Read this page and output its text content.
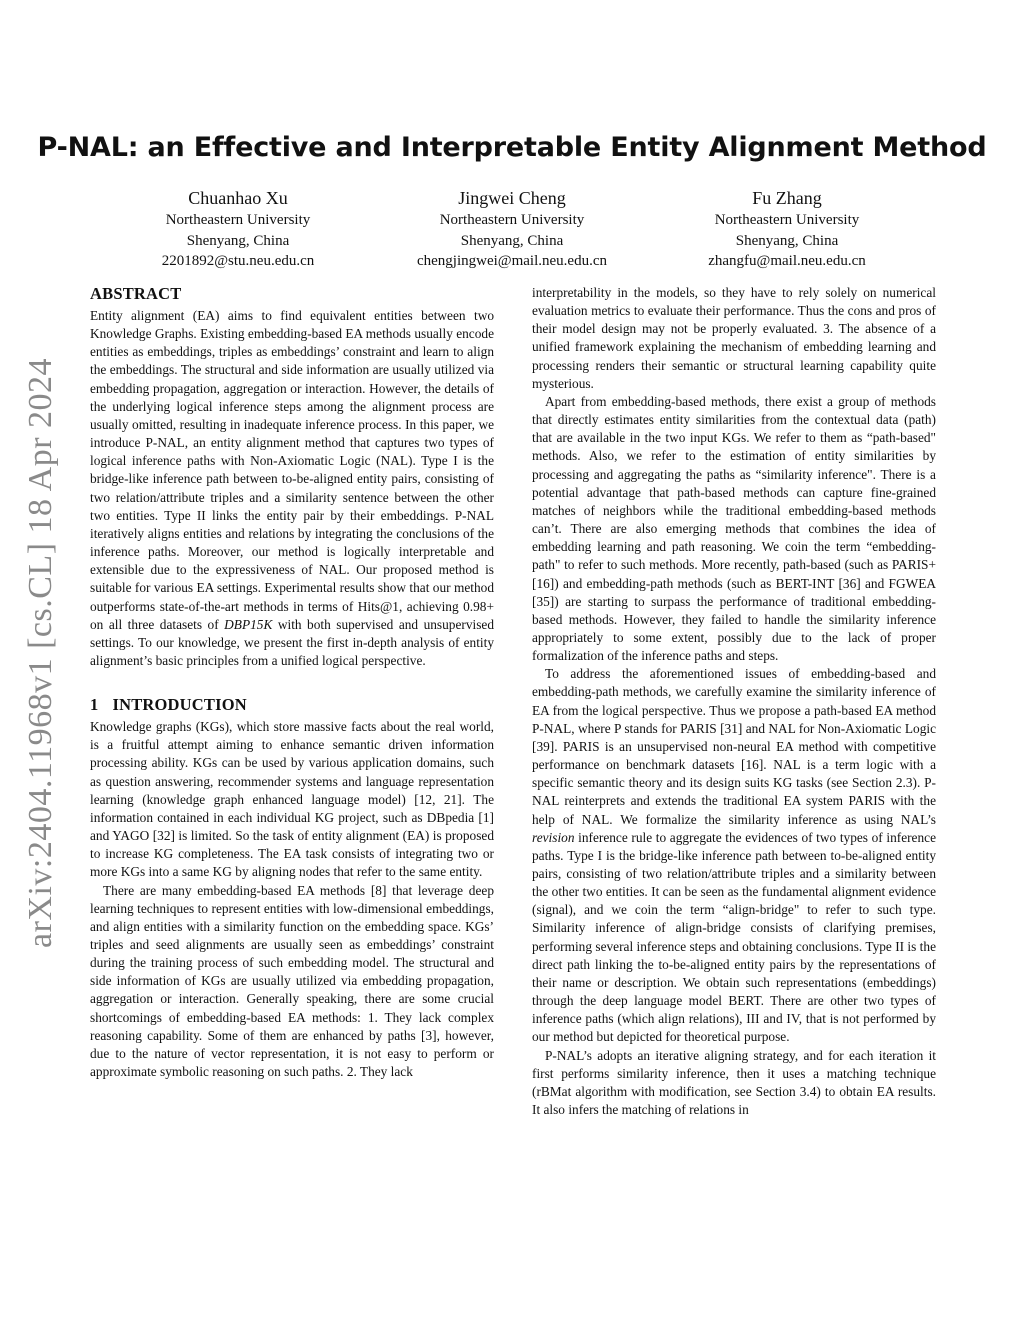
arXiv:2404.11968v1 [cs.CL] 18 Apr 2024
P-NAL: an Effective and Interpretable Entity Alignment Method
Chuanhao Xu
Northeastern University
Shenyang, China
2201892@stu.neu.edu.cn
Jingwei Cheng
Northeastern University
Shenyang, China
chengjingwei@mail.neu.edu.cn
Fu Zhang
Northeastern University
Shenyang, China
zhangfu@mail.neu.edu.cn
ABSTRACT

Entity alignment (EA) aims to find equivalent entities between two Knowledge Graphs. Existing embedding-based EA methods usually encode entities as embeddings, triples as embeddings’ constraint and learn to align the embeddings. The structural and side information are usually utilized via embedding propagation, aggregation or interaction. However, the details of the underlying logical inference steps among the alignment process are usually omitted, resulting in inadequate inference process. In this paper, we introduce P-NAL, an entity alignment method that captures two types of logical inference paths with Non-Axiomatic Logic (NAL). Type I is the bridge-like inference path between to-be-aligned entity pairs, consisting of two relation/attribute triples and a similarity sentence between the other two entities. Type II links the entity pair by their embeddings. P-NAL iteratively aligns entities and relations by integrating the conclusions of the inference paths. Moreover, our method is logically interpretable and extensible due to the expressiveness of NAL. Our proposed method is suitable for various EA settings. Experimental results show that our method outperforms state-of-the-art methods in terms of Hits@1, achieving 0.98+ on all three datasets of DBP15K with both supervised and unsupervised settings. To our knowledge, we present the first in-depth analysis of entity alignment’s basic principles from a unified logical perspective.

1 INTRODUCTION

Knowledge graphs (KGs), which store massive facts about the real world, is a fruitful attempt aiming to enhance semantic driven information processing ability. KGs can be used by various application domains, such as question answering, recommender systems and language representation learning (knowledge graph enhanced language model) [12, 21]. The information contained in each individual KG project, such as DBpedia [1] and YAGO [32] is limited. So the task of entity alignment (EA) is proposed to increase KG completeness. The EA task consists of integrating two or more KGs into a same KG by aligning nodes that refer to the same entity.

There are many embedding-based EA methods [8] that leverage deep learning techniques to represent entities with low-dimensional embeddings, and align entities with a similarity function on the embedding space. KGs’ triples and seed alignments are usually seen as embeddings’ constraint during the training process of such embedding model. The structural and side information of KGs are usually utilized via embedding propagation, aggregation or interaction. Generally speaking, there are some crucial shortcomings of embedding-based EA methods: 1. They lack complex reasoning capability. Some of them are enhanced by paths [3], however, due to the nature of vector representation, it is not easy to perform or approximate symbolic reasoning on such paths. 2. They lack

interpretability in the models, so they have to rely solely on numerical evaluation metrics to evaluate their performance. Thus the cons and pros of their model design may not be properly evaluated. 3. The absence of a unified framework explaining the mechanism of embedding learning and processing renders their semantic or structural learning capability quite mysterious.

Apart from embedding-based methods, there exist a group of methods that directly estimates entity similarities from the contextual data (path) that are available in the two input KGs. We refer to them as “path-based" methods. Also, we refer to the estimation of entity similarities by processing and aggregating the paths as “similarity inference". There is a potential advantage that path-based methods can capture fine-grained matches of neighbors while the traditional embedding-based methods can’t. There are also emerging methods that combines the idea of embedding learning and path reasoning. We coin the term “embedding-path" to refer to such methods. More recently, path-based (such as PARIS+ [16]) and embedding-path methods (such as BERT-INT [36] and FGWEA [35]) are starting to surpass the performance of traditional embedding-based methods. However, they failed to handle the similarity inference appropriately to some extent, possibly due to the lack of proper formalization of the inference paths and steps.

To address the aforementioned issues of embedding-based and embedding-path methods, we carefully examine the similarity inference of EA from the logical perspective. Thus we propose a path-based EA method P-NAL, where P stands for PARIS [31] and NAL for Non-Axiomatic Logic [39]. PARIS is an unsupervised non-neural EA method with competitive performance on benchmark datasets [16]. NAL is a term logic with a specific semantic theory and its design suits KG tasks (see Section 2.3). P-NAL reinterprets and extends the traditional EA system PARIS with the help of NAL. We formalize the similarity inference as using NAL’s revision inference rule to aggregate the evidences of two types of inference paths. Type I is the bridge-like inference path between to-be-aligned entity pairs, consisting of two relation/attribute triples and a similarity between the other two entities. It can be seen as the fundamental alignment evidence (signal), and we coin the term “align-bridge" to refer to such type. Similarity inference of align-bridge consists of clarifying premises, performing several inference steps and obtaining conclusions. Type II is the direct path linking the to-be-aligned entity pairs by the representations of their name or description. We obtain such representations (embeddings) through the deep language model BERT. There are other two types of inference paths (which align relations), III and IV, that is not performed by our method but depicted for theoretical purpose.

P-NAL’s adopts an iterative aligning strategy, and for each iteration it first performs similarity inference, then it uses a matching technique (rBMat algorithm with modification, see Section 3.4) to obtain EA results. It also infers the matching of relations in
